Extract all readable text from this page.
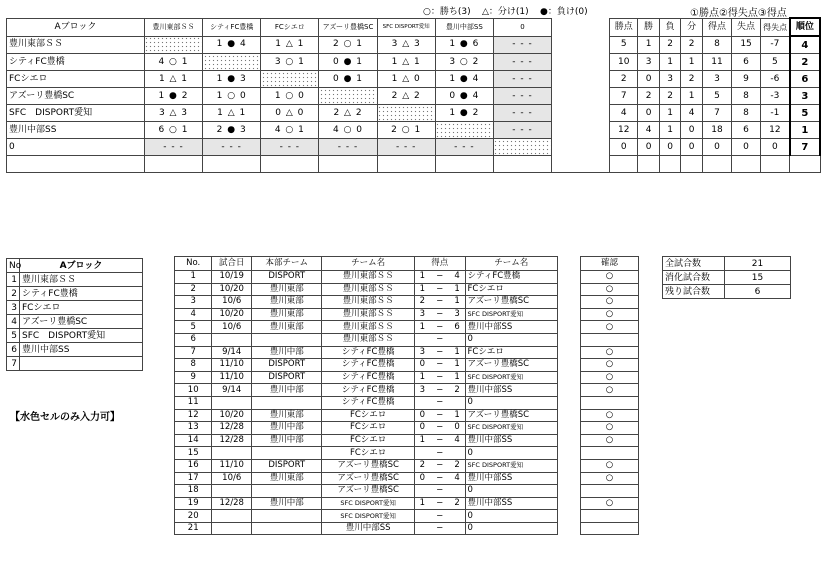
○：勝ち(3) △：分け(1) ●：負け(0)	①勝点②得失点③得点
Aブロック	豊川東部ＳＳ	シティFC豊橋	FCシエロ	アズーリ豊橋SC	SFC DISPORT愛知	豊川中部SS	0		勝点	勝	負	分	得点	失点	得失点	順位
豊川東部ＳＳ		1 ● 4	1 △ 1	2 ○ 1	3 △ 3	1 ● 6	- - -		5	1	2	2	8	15	-7	4
シティFC豊橋	4 ○ 1		3 ○ 1	0 ● 1	1 △ 1	3 ○ 2	- - -		10	3	1	1	11	6	5	2
FCシエロ	1 △ 1	1 ● 3		0 ● 1	1 △ 0	1 ● 4	- - -		2	0	3	2	3	9	-6	6
アズーリ豊橋SC	1 ● 2	1 ○ 0	1 ○ 0		2 △ 2	0 ● 4	- - -		7	2	2	1	5	8	-3	3
SFC　DISPORT愛知	3 △ 3	1 △ 1	0 △ 0	2 △ 2		1 ● 2	- - -		4	0	1	4	7	8	-1	5
豊川中部SS	6 ○ 1	2 ● 3	4 ○ 1	4 ○ 0	2 ○ 1		- - -		12	4	1	0	18	6	12	1
0	- - -	- - -	- - -	- - -	- - -	- - -			0	0	0	0	0	0	0	7

No	Aブロック
1	豊川東部ＳＳ
2	シティFC豊橋
3	FCシエロ
4	アズーリ豊橋SC
5	SFC　DISPORT愛知
6	豊川中部SS
7	
【水色セルのみ入力可】
No.	試合日	本部チーム	チーム名	得点			チーム名
1	10/19	DISPORT	豊川東部ＳＳ	1	−	4	シティFC豊橋
2	10/20	豊川東部	豊川東部ＳＳ	1	−	1	FCシエロ
3	10/6	豊川東部	豊川東部ＳＳ	2	−	1	アズーリ豊橋SC
4	10/20	豊川東部	豊川東部ＳＳ	3	−	3	SFC DISPORT愛知
5	10/6	豊川東部	豊川東部ＳＳ	1	−	6	豊川中部SS
6			豊川東部ＳＳ		−		0
7	9/14	豊川中部	シティFC豊橋	3	−	1	FCシエロ
8	11/10	DISPORT	シティFC豊橋	0	−	1	アズーリ豊橋SC
9	11/10	DISPORT	シティFC豊橋	1	−	1	SFC DISPORT愛知
10	9/14	豊川中部	シティFC豊橋	3	−	2	豊川中部SS
11			シティFC豊橋		−		0
12	10/20	豊川東部	FCシエロ	0	−	1	アズーリ豊橋SC
13	12/28	豊川中部	FCシエロ	0	−	0	SFC DISPORT愛知
14	12/28	豊川中部	FCシエロ	1	−	4	豊川中部SS
15			FCシエロ		−		0
16	11/10	DISPORT	アズーリ豊橋SC	2	−	2	SFC DISPORT愛知
17	10/6	豊川東部	アズーリ豊橋SC	0	−	4	豊川中部SS
18			アズーリ豊橋SC		−		0
19	12/28	豊川中部	SFC DISPORT愛知	1	−	2	豊川中部SS
20			SFC DISPORT愛知		−		0
21			豊川中部SS		−		0
確認
○
○
○
○
○

○
○
○
○

○
○
○

○
○

○

全試合数	21
消化試合数	15
残り試合数	6
